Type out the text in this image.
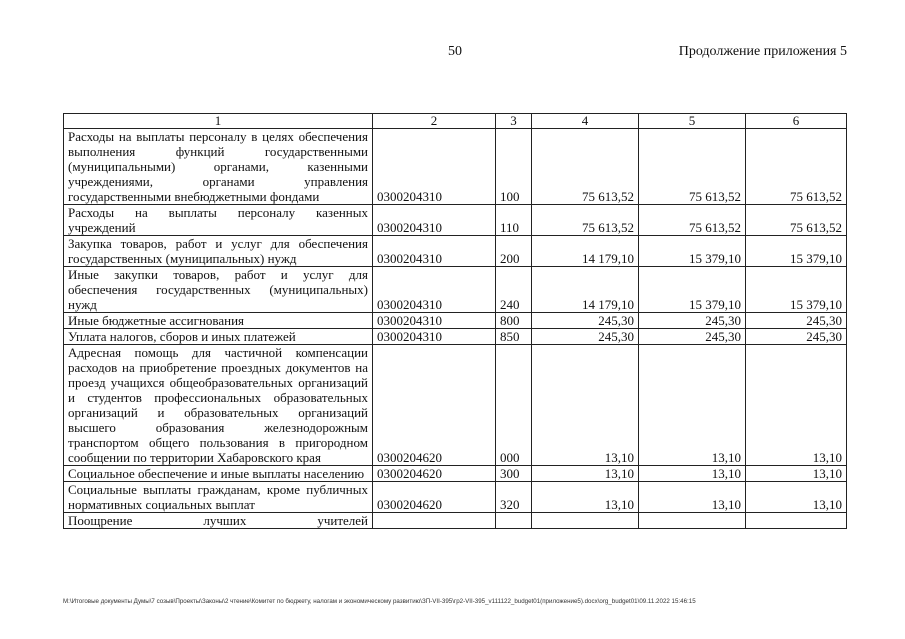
50	Продолжение приложения 5
1	2	3	4	5	6
Расходы на выплаты персоналу в целях обеспечения выполнения функций государственными (муниципальными) органами, казенными учреждениями, органами управления государственными внебюджетными фондами	0300204310	100	75 613,52	75 613,52	75 613,52
Расходы на выплаты персоналу казенных учреждений	0300204310	110	75 613,52	75 613,52	75 613,52
Закупка товаров, работ и услуг для обеспечения государственных (муниципальных) нужд	0300204310	200	14 179,10	15 379,10	15 379,10
Иные закупки товаров, работ и услуг для обеспечения государственных (муниципальных) нужд	0300204310	240	14 179,10	15 379,10	15 379,10
Иные бюджетные ассигнования	0300204310	800	245,30	245,30	245,30
Уплата налогов, сборов и иных платежей	0300204310	850	245,30	245,30	245,30
Адресная помощь для частичной компенсации расходов на приобретение проездных документов на проезд учащихся общеобразовательных организаций и студентов профессиональных образовательных организаций и образовательных организаций высшего образования железнодорожным транспортом общего пользования в пригородном сообщении по территории Хабаровского края	0300204620	000	13,10	13,10	13,10
Социальное обеспечение и иные выплаты населению	0300204620	300	13,10	13,10	13,10
Социальные выплаты гражданам, кроме публичных нормативных социальных выплат	0300204620	320	13,10	13,10	13,10
Поощрение лучших учителей					
M:\Итоговые документы Думы\7 созыв\Проекты\Законы\2 чтение\Комитет по бюджету, налогам и экономическому развитию\ЗП-VII-395\гр2-VII-395_v111122_budget01(приложение5).docx\org_budget01\09.11.2022 15:46:15
